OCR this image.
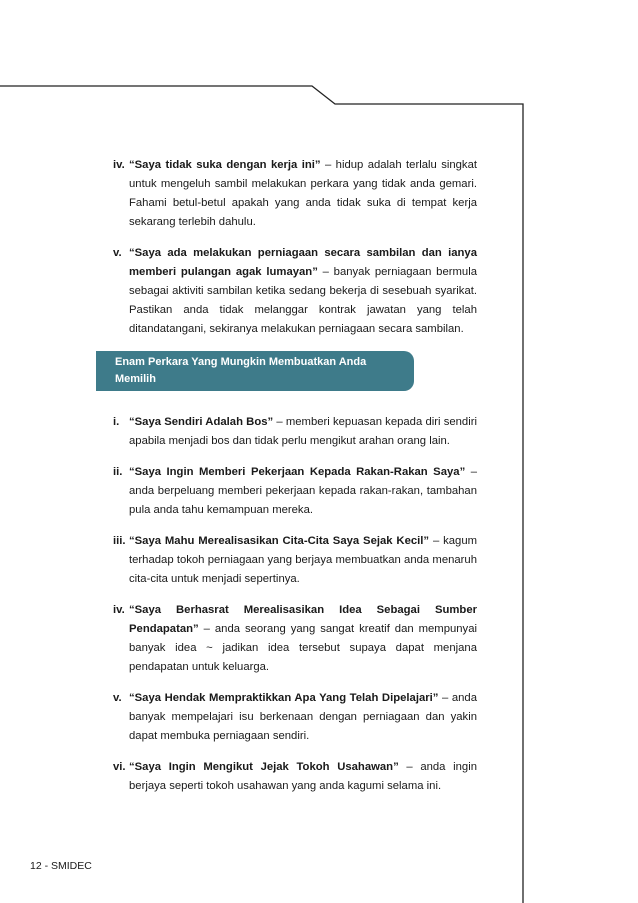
iv. “Saya tidak suka dengan kerja ini” – hidup adalah terlalu singkat untuk mengeluh sambil melakukan perkara yang tidak anda gemari. Fahami betul-betul apakah yang anda tidak suka di tempat kerja sekarang terlebih dahulu.
v. “Saya ada melakukan perniagaan secara sambilan dan ianya memberi pulangan agak lumayan” – banyak perniagaan bermula sebagai aktiviti sambilan ketika sedang bekerja di sesebuah syarikat. Pastikan anda tidak melanggar kontrak jawatan yang telah ditandatangani, sekiranya melakukan perniagaan secara sambilan.
Enam Perkara Yang Mungkin Membuatkan Anda Memilih
Keusahawanan Sebagai Kerjaya
i. “Saya Sendiri Adalah Bos” – memberi kepuasan kepada diri sendiri apabila menjadi bos dan tidak perlu mengikut arahan orang lain.
ii. “Saya Ingin Memberi Pekerjaan Kepada Rakan-Rakan Saya” – anda berpeluang memberi pekerjaan kepada rakan-rakan, tambahan pula anda tahu kemampuan mereka.
iii. “Saya Mahu Merealisasikan Cita-Cita Saya Sejak Kecil” – kagum terhadap tokoh perniagaan yang berjaya membuatkan anda menaruh cita-cita untuk menjadi sepertinya.
iv. “Saya Berhasrat Merealisasikan Idea Sebagai Sumber Pendapatan” – anda seorang yang sangat kreatif dan mempunyai banyak idea ~ jadikan idea tersebut supaya dapat menjana pendapatan untuk keluarga.
v. “Saya Hendak Mempraktikkan Apa Yang Telah Dipelajari” – anda banyak mempelajari isu berkenaan dengan perniagaan dan yakin dapat membuka perniagaan sendiri.
vi. “Saya Ingin Mengikut Jejak Tokoh Usahawan” – anda ingin berjaya seperti tokoh usahawan yang anda kagumi selama ini.
12 - SMIDEC
